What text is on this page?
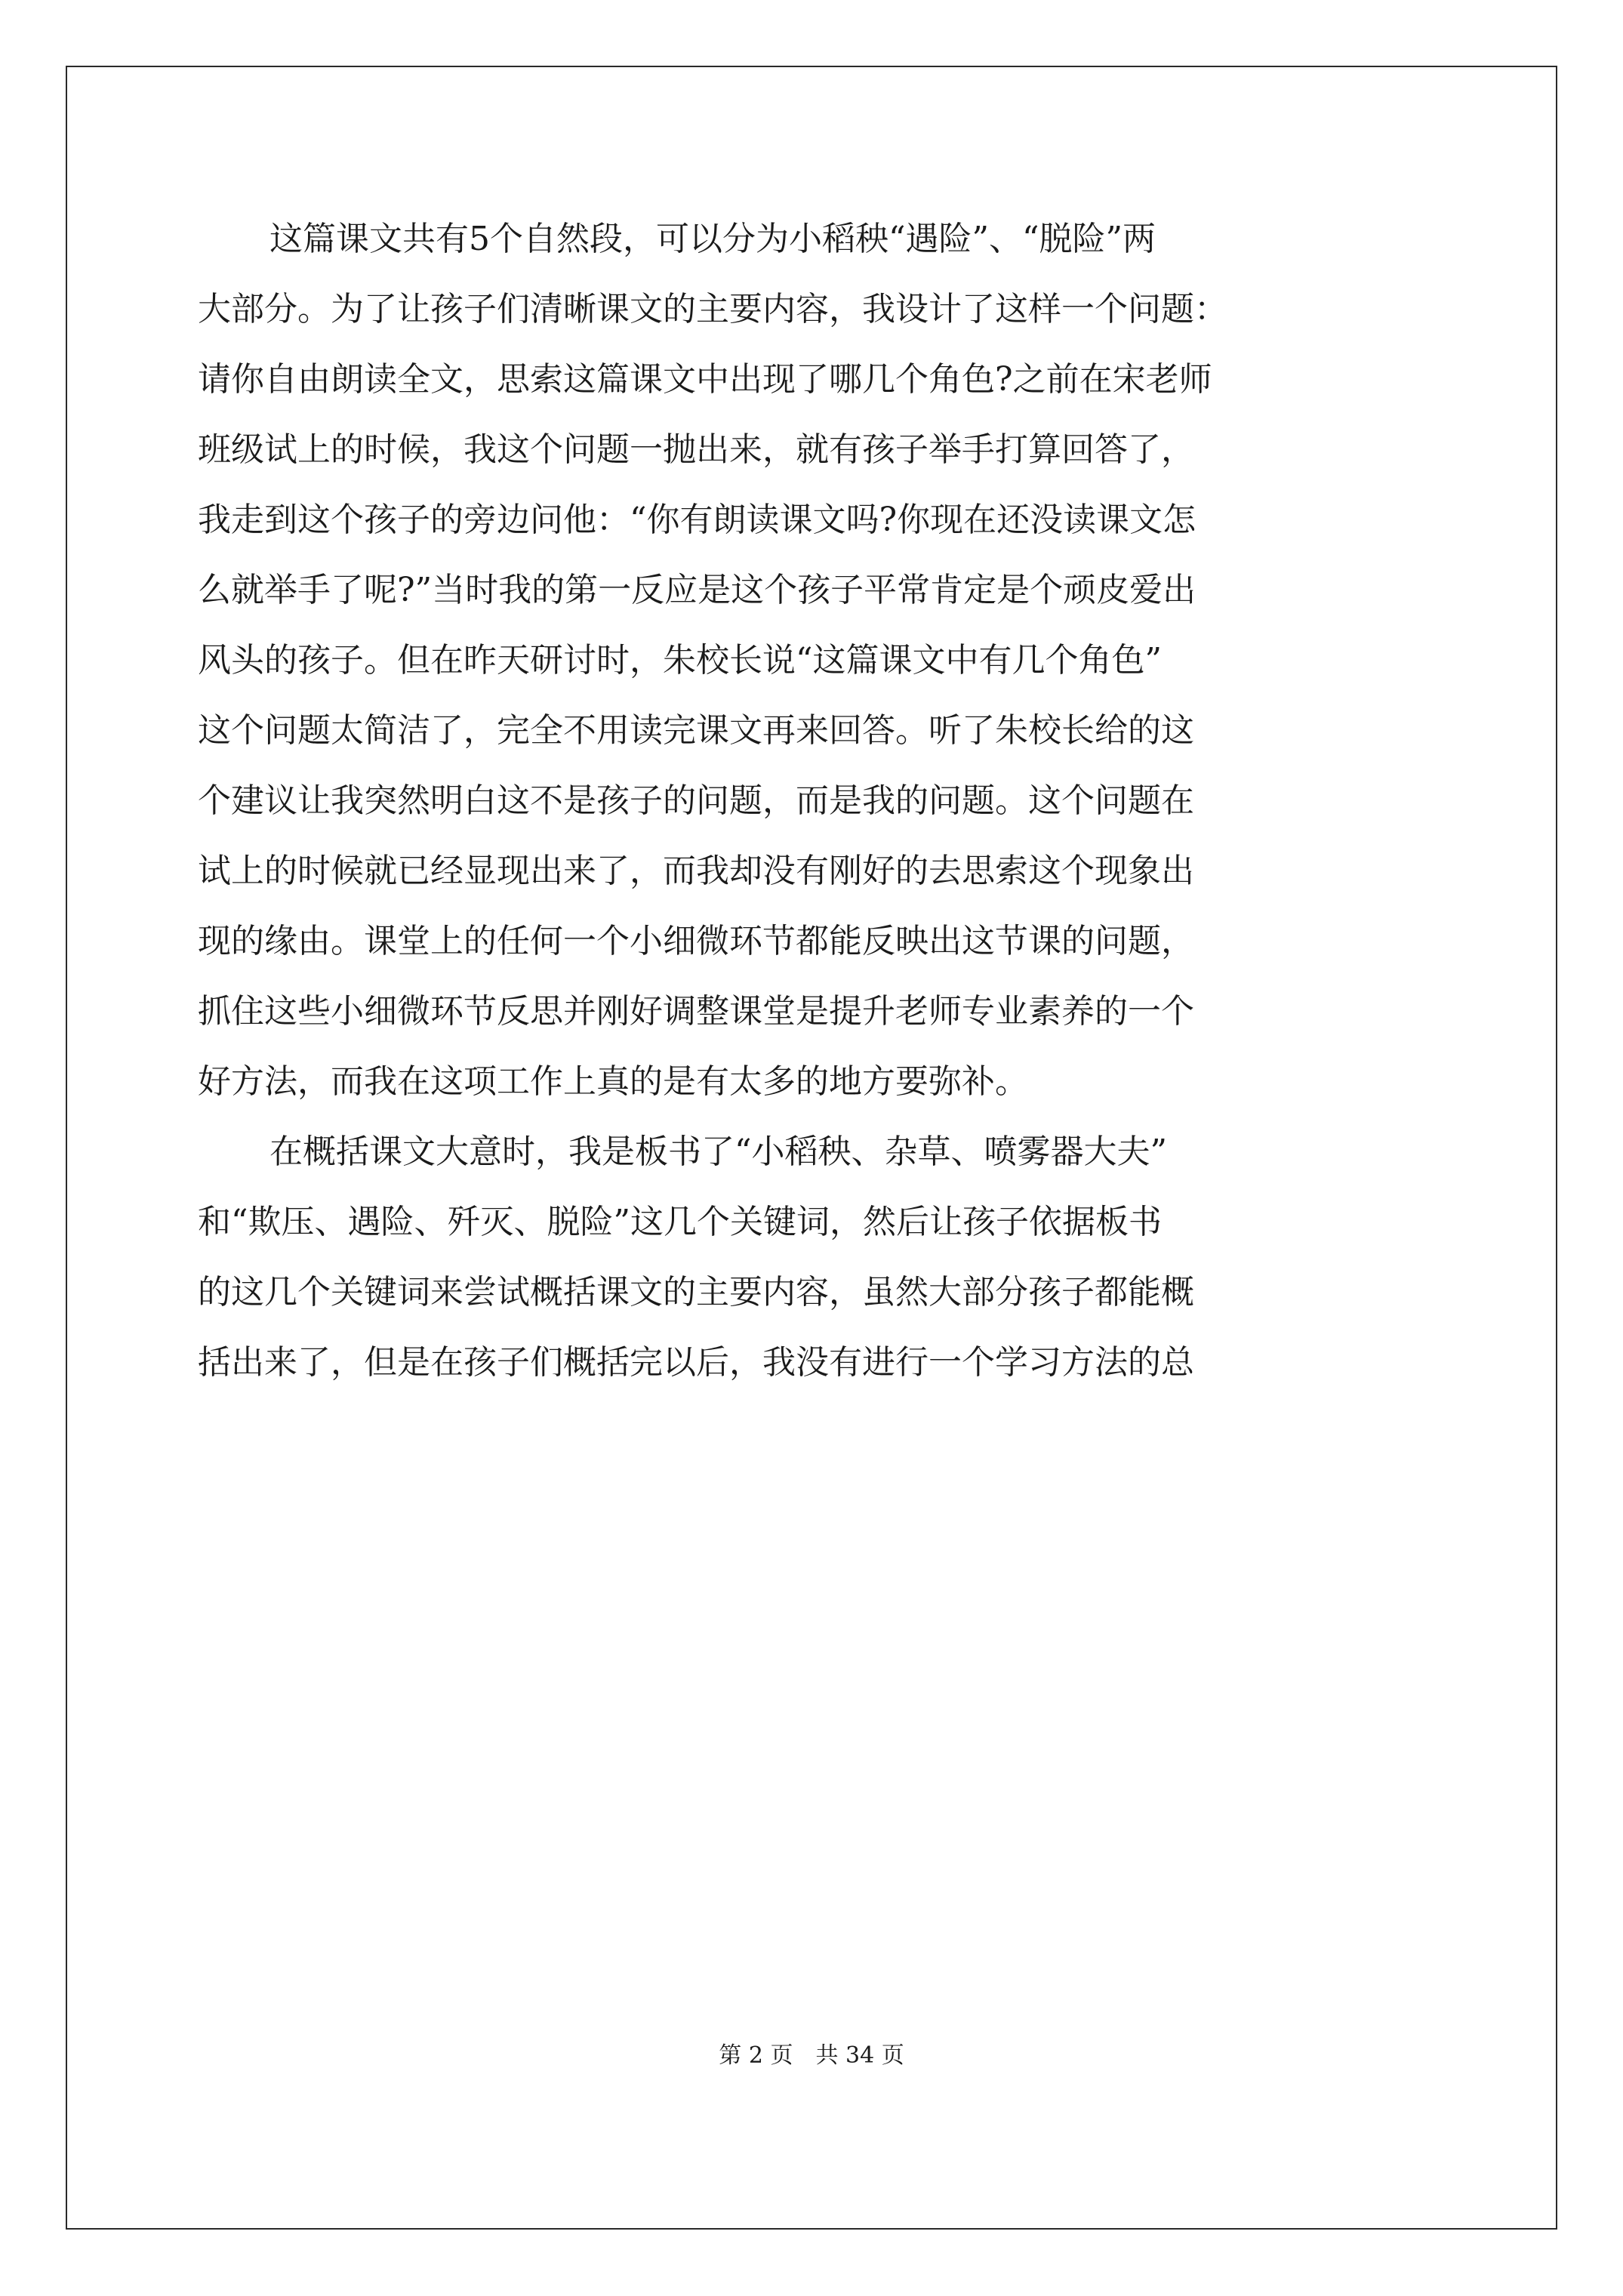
这篇课文共有5个自然段，可以分为小稻秧“遇险”、“脱险”两
大部分。为了让孩子们清晰课文的主要内容，我设计了这样一个问题：
请你自由朗读全文，思索这篇课文中出现了哪几个角色?之前在宋老师
班级试上的时候，我这个问题一抛出来，就有孩子举手打算回答了，
我走到这个孩子的旁边问他：“你有朗读课文吗?你现在还没读课文怎
么就举手了呢?”当时我的第一反应是这个孩子平常肯定是个顽皮爱出
风头的孩子。但在昨天研讨时，朱校长说“这篇课文中有几个角色”
这个问题太简洁了，完全不用读完课文再来回答。听了朱校长给的这
个建议让我突然明白这不是孩子的问题，而是我的问题。这个问题在
试上的时候就已经显现出来了，而我却没有刚好的去思索这个现象出
现的缘由。课堂上的任何一个小细微环节都能反映出这节课的问题，
抓住这些小细微环节反思并刚好调整课堂是提升老师专业素养的一个
好方法，而我在这项工作上真的是有太多的地方要弥补。
在概括课文大意时，我是板书了“小稻秧、杂草、喷雾器大夫”
和“欺压、遇险、歼灭、脱险”这几个关键词，然后让孩子依据板书
的这几个关键词来尝试概括课文的主要内容，虽然大部分孩子都能概
括出来了，但是在孩子们概括完以后，我没有进行一个学习方法的总
第 2 页　共 34 页
